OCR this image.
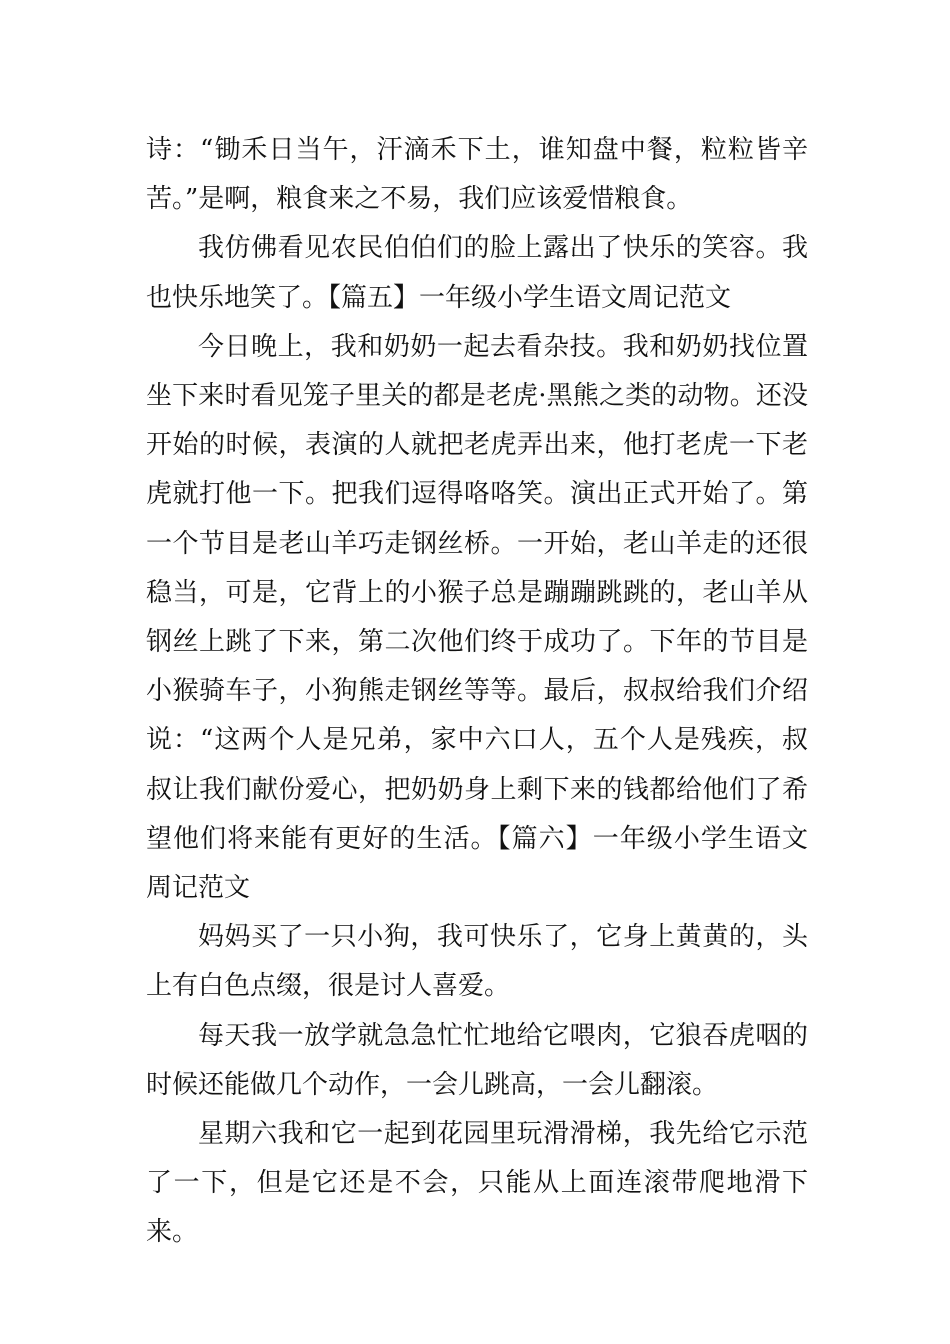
诗：“锄禾日当午，汗滴禾下土，谁知盘中餐，粒粒皆辛苦。”是啊，粮食来之不易，我们应该爱惜粮食。

我仿佛看见农民伯伯们的脸上露出了快乐的笑容。我也快乐地笑了。【篇五】一年级小学生语文周记范文

今日晚上，我和奶奶一起去看杂技。我和奶奶找位置坐下来时看见笼子里关的都是老虎·黑熊之类的动物。还没开始的时候，表演的人就把老虎弄出来，他打老虎一下老虎就打他一下。把我们逗得咯咯笑。演出正式开始了。第一个节目是老山羊巧走钢丝桥。一开始，老山羊走的还很稳当，可是，它背上的小猴子总是蹦蹦跳跳的，老山羊从钢丝上跳了下来，第二次他们终于成功了。下年的节目是小猴骑车子，小狗熊走钢丝等等。最后，叔叔给我们介绍说：“这两个人是兄弟，家中六口人，五个人是残疾，叔叔让我们献份爱心，把奶奶身上剩下来的钱都给他们了希望他们将来能有更好的生活。【篇六】一年级小学生语文周记范文

妈妈买了一只小狗，我可快乐了，它身上黄黄的，头上有白色点缀，很是讨人喜爱。

每天我一放学就急急忙忙地给它喂肉，它狼吞虎咽的时候还能做几个动作，一会儿跳高，一会儿翻滚。

星期六我和它一起到花园里玩滑滑梯，我先给它示范了一下，但是它还是不会，只能从上面连滚带爬地滑下来。
